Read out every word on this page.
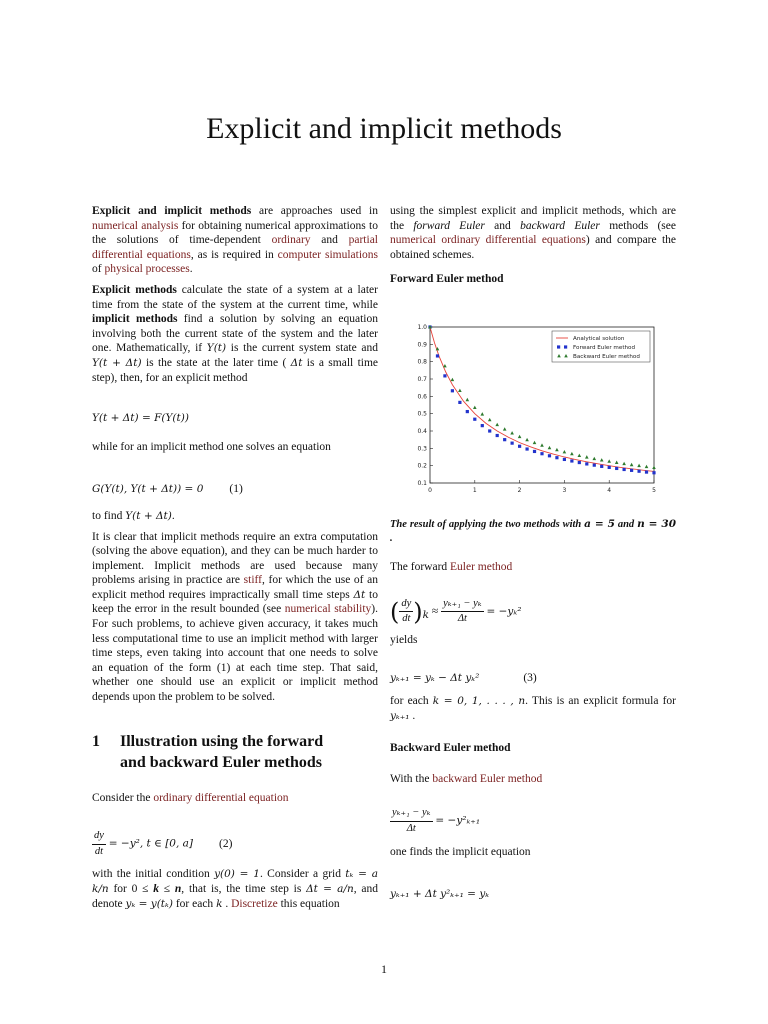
Explicit and implicit methods

Explicit and implicit methods are approaches used in numerical analysis for obtaining numerical approximations to the solutions of time-dependent ordinary and partial differential equations, as is required in computer simulations of physical processes.

Explicit methods calculate the state of a system at a later time from the state of the system at the current time, while implicit methods find a solution by solving an equation involving both the current state of the system and the later one. Mathematically, if Y(t) is the current system state and Y(t + Δt) is the state at the later time ( Δt is a small time step), then, for an explicit method

Y(t + Δt) = F(Y(t))

while for an implicit method one solves an equation

G(Y(t), Y(t + Δt)) = 0 (1)

to find Y(t + Δt).

It is clear that implicit methods require an extra computation (solving the above equation), and they can be much harder to implement. Implicit methods are used because many problems arising in practice are stiff, for which the use of an explicit method requires impractically small time steps Δt to keep the error in the result bounded (see numerical stability). For such problems, to achieve given accuracy, it takes much less computational time to use an implicit method with larger time steps, even taking into account that one needs to solve an equation of the form (1) at each time step. That said, whether one should use an explicit or implicit method depends upon the problem to be solved.

1 Illustration using the forward
and backward Euler methods

Consider the ordinary differential equation

$\frac{dy}{dt} = -y^2$, t ∈ [0, a] (2)

with the initial condition y(0) = 1. Consider a grid tₖ = a k/n for 0 ≤ k ≤ n, that is, the time step is Δt = a/n, and denote yₖ = y(tₖ) for each k . Discretize this equation

using the simplest explicit and implicit methods, which are the forward Euler and backward Euler methods (see numerical ordinary differential equations) and compare the obtained schemes.

Forward Euler method

0	1	2	3	4	5
0.1
0.2
0.3
0.4
0.5
0.6
0.7
0.8
0.9
1.0
Analytical solution
Forward Euler method
Backward Euler method

The result of applying the two methods with a = 5 and n = 30 .

The forward Euler method

( $\frac{dy}{dt} )_k \approx \frac{\text{yₖ₊₁ − yₖ}}{\Delta t} = -y_k^2$

yields

yₖ₊₁ = yₖ − Δt yₖ²	(3)

for each k = 0, 1, . . . , n. This is an explicit formula for yₖ₊₁ .

Backward Euler method

With the backward Euler method

$\frac{\text{yₖ₊₁ − yₖ}}{\Delta t} = -y^2_{k+1}$

one finds the implicit equation

yₖ₊₁ + Δt y²ₖ₊₁ = yₖ

1
